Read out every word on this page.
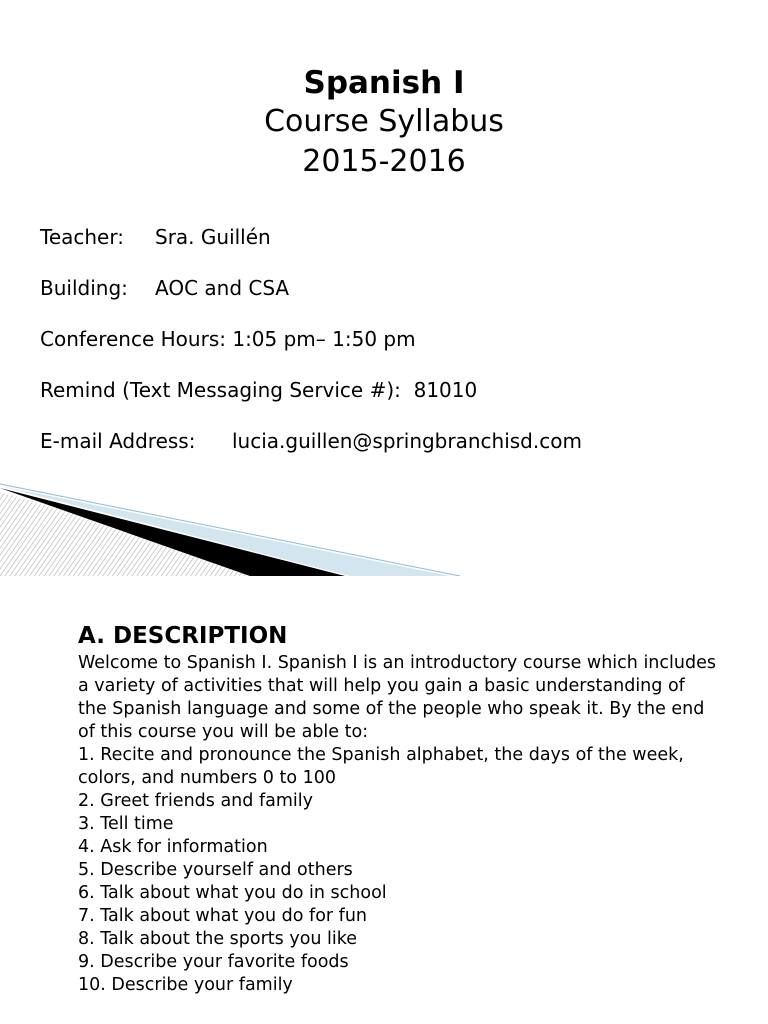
Spanish I

Course Syllabus

2015-2016

Teacher: Sra. Guillén
Building: AOC and CSA
Conference Hours: 1:05 pm– 1:50 pm
Remind (Text Messaging Service #): 81010
E-mail Address: lucia.guillen@springbranchisd.com
A. DESCRIPTION

Welcome to Spanish I. Spanish I is an introductory course which includes a variety of activities that will help you gain a basic understanding of the Spanish language and some of the people who speak it. By the end of this course you will be able to:

1. Recite and pronounce the Spanish alphabet, the days of the week, colors, and numbers 0 to 100
2. Greet friends and family
3. Tell time
4. Ask for information
5. Describe yourself and others
6. Talk about what you do in school
7. Talk about what you do for fun
8. Talk about the sports you like
9. Describe your favorite foods
10. Describe your family
